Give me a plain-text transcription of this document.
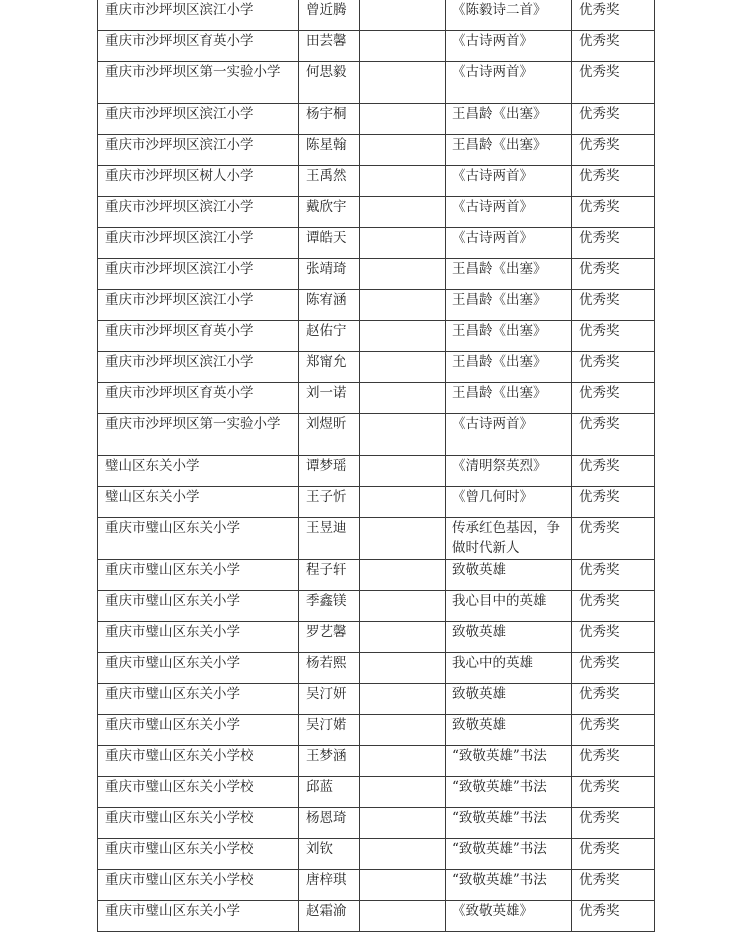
重庆市沙坪坝区滨江小学	曾近腾		《陈毅诗二首》	优秀奖
重庆市沙坪坝区育英小学	田芸馨		《古诗两首》	优秀奖
重庆市沙坪坝区第一实验小学	何思毅		《古诗两首》	优秀奖
重庆市沙坪坝区滨江小学	杨宇桐		王昌龄《出塞》	优秀奖
重庆市沙坪坝区滨江小学	陈星翰		王昌龄《出塞》	优秀奖
重庆市沙坪坝区树人小学	王禹然		《古诗两首》	优秀奖
重庆市沙坪坝区滨江小学	戴欣宇		《古诗两首》	优秀奖
重庆市沙坪坝区滨江小学	谭皓天		《古诗两首》	优秀奖
重庆市沙坪坝区滨江小学	张靖琦		王昌龄《出塞》	优秀奖
重庆市沙坪坝区滨江小学	陈宥涵		王昌龄《出塞》	优秀奖
重庆市沙坪坝区育英小学	赵佑宁		王昌龄《出塞》	优秀奖
重庆市沙坪坝区滨江小学	郑甯允		王昌龄《出塞》	优秀奖
重庆市沙坪坝区育英小学	刘一诺		王昌龄《出塞》	优秀奖
重庆市沙坪坝区第一实验小学	刘煜昕		《古诗两首》	优秀奖
璧山区东关小学	谭梦瑶		《清明祭英烈》	优秀奖
璧山区东关小学	王子忻		《曾几何时》	优秀奖
重庆市璧山区东关小学	王昱迪		传承红色基因，争做时代新人	优秀奖
重庆市璧山区东关小学	程子轩		致敬英雄	优秀奖
重庆市璧山区东关小学	季鑫镁		我心目中的英雄	优秀奖
重庆市璧山区东关小学	罗艺馨		致敬英雄	优秀奖
重庆市璧山区东关小学	杨若熙		我心中的英雄	优秀奖
重庆市璧山区东关小学	吴汀妍		致敬英雄	优秀奖
重庆市璧山区东关小学	吴汀婼		致敬英雄	优秀奖
重庆市璧山区东关小学校	王梦涵		“致敬英雄”书法	优秀奖
重庆市璧山区东关小学校	邱蓝		“致敬英雄”书法	优秀奖
重庆市璧山区东关小学校	杨恩琦		“致敬英雄”书法	优秀奖
重庆市璧山区东关小学校	刘钦		“致敬英雄”书法	优秀奖
重庆市璧山区东关小学校	唐梓琪		“致敬英雄”书法	优秀奖
重庆市璧山区东关小学	赵霜渝		《致敬英雄》	优秀奖
